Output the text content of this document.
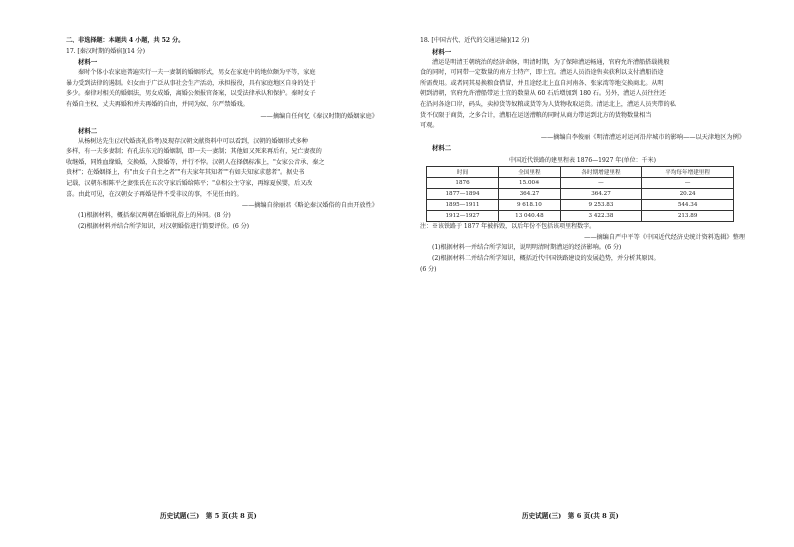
二、非选择题：本题共 4 小题，共 52 分。
17. [秦汉时期的婚宿](14 分)
材料一
秦时个体小农家庭普遍实行一夫一妻制的婚姻形式，男女在家庭中的地位颇为平等，家庭
暴力受到法律的遏制。妇女由于广泛从事社会生产活动，承担报役，具有家庭地区自身的处于
多少。秦律对相关的婚姻法，男女成婚，离婚公须报官备案，以受法律承认和保护。秦时女子
有婚自主权、丈夫再婚和并夫再婚的自由，并同为奴、尔严禁婚戏。
——摘编自任何忆《秦汉时期的婚姻家庭》
材料二
从杨树达先生(汉代婚丧礼俗考)及现存汉朝文献资料中可以看到，汉朝的婚姻形式多种
多样，有一夫多妻制；有孔法东元的婚姻制，即一夫一妻制；其他如又死来再后有，兄亡妻夜的
收继婚，同姓血缘婚，交换婚，入赘婚等，并行不悖。汉朝人在择偶标准上，"女家公音承、秦之
贵材"；在婚姻择上，有"由女子自主之者""有夫家年其知者""有如夫知家求慈者"。据史书
记载，汉朝东相陈平之妻张氏在五次守家后婚给陈平；"卓相公主守家，再嫁夏侯婴，后又改
喜。由此可见，在汉朝女子再婚是件不受非议的事，不见任由的。
——摘编自徐丽君《略论秦汉婚俗的自由开放性》
(1)根据材料，概括秦汉两朝在婚姻礼俗上的异同。(8 分)
(2)根据材料并结合所学知识，对汉朝婚俗进行简要评价。(6 分)
历史试题(三)　第 5 页(共 8 页)
18. [中国古代、近代的交通运输](12 分)
材料一
漕运是明清王朝统治的经济命脉，明清时期，为了保障漕运畅通，官府允许漕船搭载挑般
食的同时，可同带一定数量的南方土特产，即土宜。漕运人员沿途售卖获利以支付漕船沿途
所需费用。或者同其易换粮食借冒，并且途经北上直自河南各、张家湾等地交换商北。从明
朝到清朝，官府允许漕船带运土宜的数量从 60 石后增加到 180 石。另外，漕运人员往往还
在沿河各途口岸，码头，卖掉货等奴粮或货等为人货物收取运货。清运北上，漕运人员夹带的私
货不仅限于商货，之多合计，漕船在运送漕粮的同时从商力带运到北方的货物数量相当
可观。
——摘编自李俊丽《明清漕运对运河沿岸城市的影响——以天津地区为例》
材料二
中国近代铁路的建里程表 1876—1927 年(单位：千米)
时间	全国里程	各时期增建里程	平均每年增建里程
1876	15.00※	—	—
1877—1894	364.27	364.27	20.24
1895—1911	9 618.10	9 253.83	544.34
1912—1927	13 040.48	3 422.38	213.89
注：※该铁路于 1877 年被拆毁，以后年份不包括该项里程数字。
——摘编自严中平等《中国近代经济史统计资料选辑》整理
(1)根据材料一并结合所学知识，说明明清时期漕运的经济影响。(6 分)
(2)根据材料二并结合所学知识，概括近代中国铁路建设的发展趋势，并分析其原因。
(6 分)
历史试题(三)　第 6 页(共 8 页)
